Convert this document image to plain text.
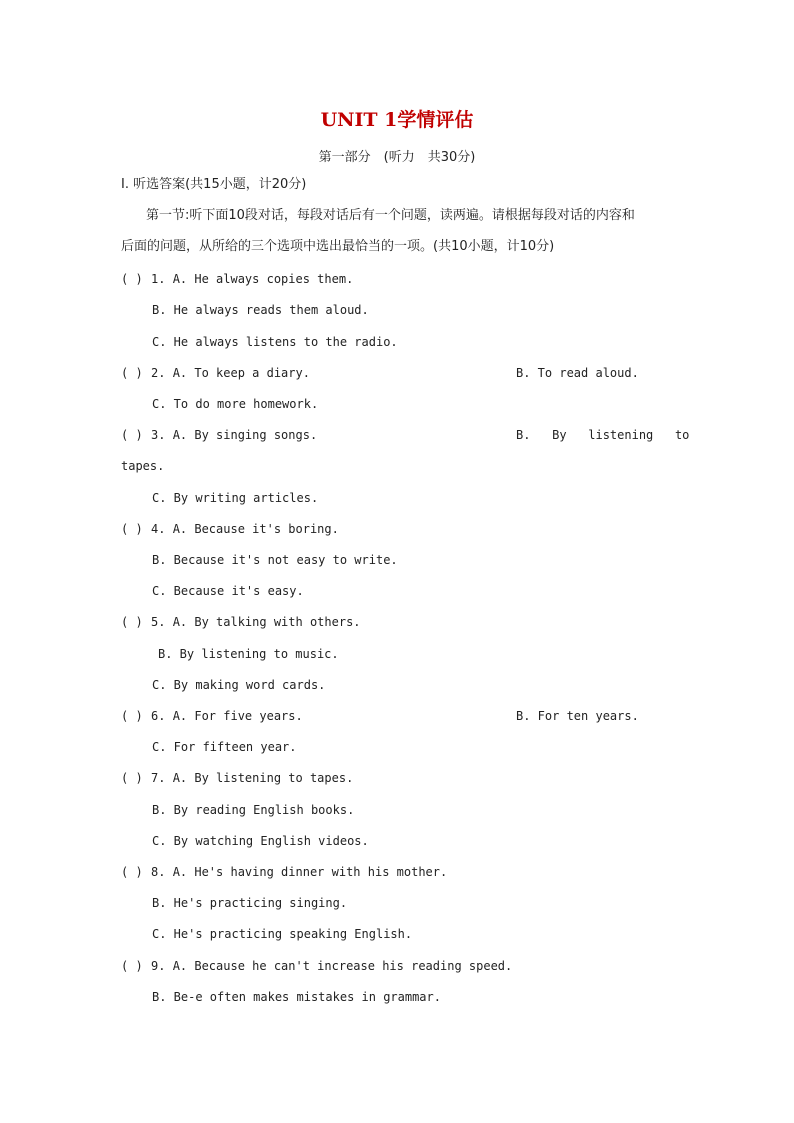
UNIT 1学情评估
第一部分　(听力　共30分)
Ⅰ. 听选答案(共15小题，计20分)
第一节:听下面10段对话，每段对话后有一个问题，读两遍。请根据每段对话的内容和
后面的问题，从所给的三个选项中选出最恰当的一项。(共10小题，计10分)
( ) 1. A. He always copies them.
B. He always reads them aloud.
C. He always listens to the radio.
( ) 2. A. To keep a diary.	B. To read aloud.
C. To do more homework.
( ) 3. A. By singing songs.	B.   By   listening   to
tapes.
C. By writing articles.
( ) 4. A. Because it's boring.
B. Because it's not easy to write.
C. Because it's easy.
( ) 5. A. By talking with others.
B. By listening to music.
C. By making word cards.
( ) 6. A. For five years.	B. For ten years.
C. For fifteen year.
( ) 7. A. By listening to tapes.
B. By reading English books.
C. By watching English videos.
( ) 8. A. He's having dinner with his mother.
B. He's practicing singing.
C. He's practicing speaking English.
( ) 9. A. Because he can't increase his reading speed.
B. Be-e often makes mistakes in grammar.
